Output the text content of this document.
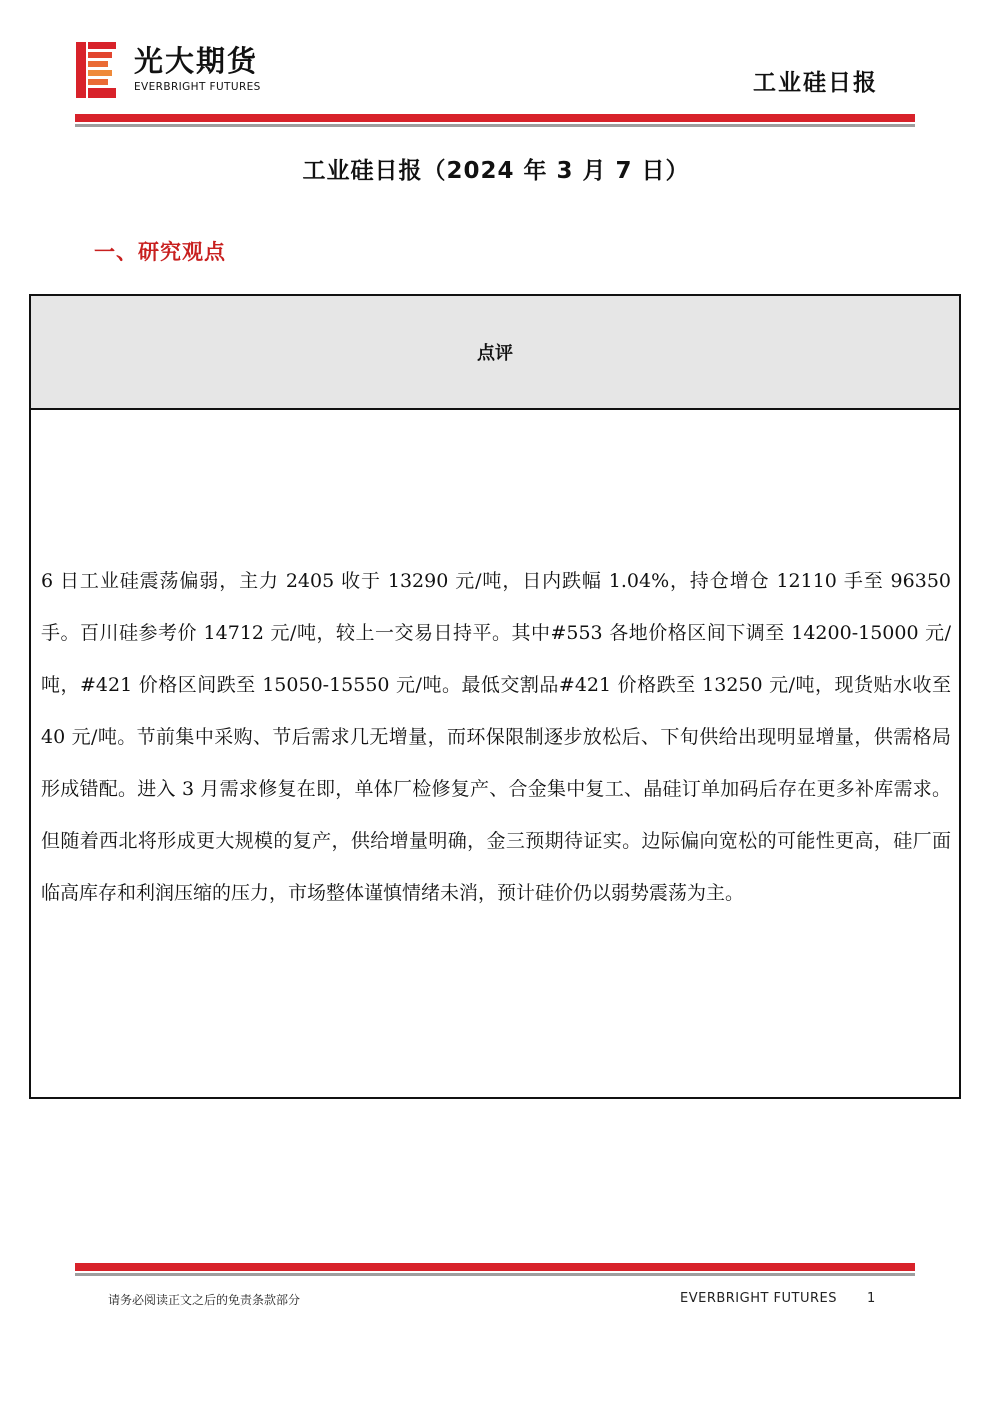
光大期货
EVERBRIGHT FUTURES	工业硅日报
工业硅日报（2024 年 3 月 7 日）
一、研究观点
点评

6 日工业硅震荡偏弱，主力 2405 收于 13290 元/吨，日内跌幅 1.04%，持仓增仓 12110 手至 96350 手。百川硅参考价 14712 元/吨，较上一交易日持平。其中#553 各地价格区间下调至 14200-15000 元/吨，#421 价格区间跌至 15050-15550 元/吨。最低交割品#421 价格跌至 13250 元/吨，现货贴水收至 40 元/吨。节前集中采购、节后需求几无增量，而环保限制逐步放松后、下旬供给出现明显增量，供需格局形成错配。进入 3 月需求修复在即，单体厂检修复产、合金集中复工、晶硅订单加码后存在更多补库需求。但随着西北将形成更大规模的复产，供给增量明确，金三预期待证实。边际偏向宽松的可能性更高，硅厂面临高库存和利润压缩的压力，市场整体谨慎情绪未消，预计硅价仍以弱势震荡为主。

请务必阅读正文之后的免责条款部分	EVERBRIGHT FUTURES 1
